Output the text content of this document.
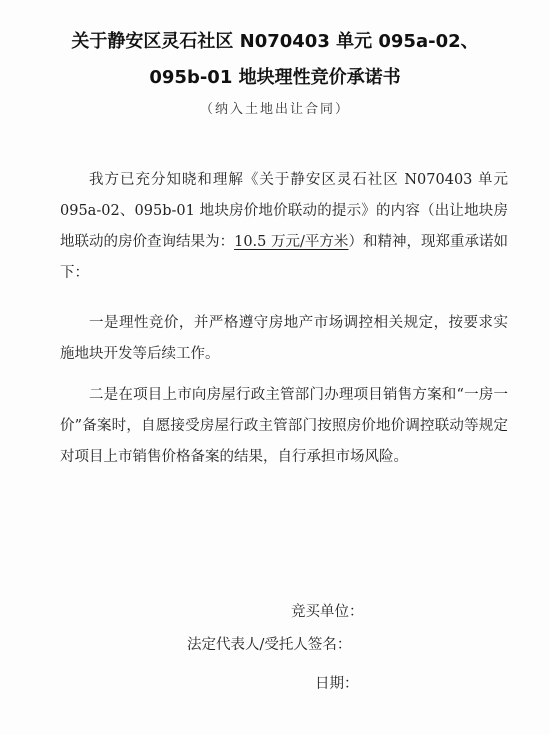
关于静安区灵石社区 N070403 单元 095a-02、
095b-01 地块理性竞价承诺书
（纳入土地出让合同）
我方已充分知晓和理解《关于静安区灵石社区 N070403 单元 095a-02、095b-01 地块房价地价联动的提示》的内容（出让地块房地联动的房价查询结果为：10.5 万元/平方米）和精神，现郑重承诺如下：
一是理性竞价，并严格遵守房地产市场调控相关规定，按要求实施地块开发等后续工作。
二是在项目上市向房屋行政主管部门办理项目销售方案和“一房一价”备案时，自愿接受房屋行政主管部门按照房价地价调控联动等规定对项目上市销售价格备案的结果，自行承担市场风险。
竞买单位：
法定代表人/受托人签名：
日期：
